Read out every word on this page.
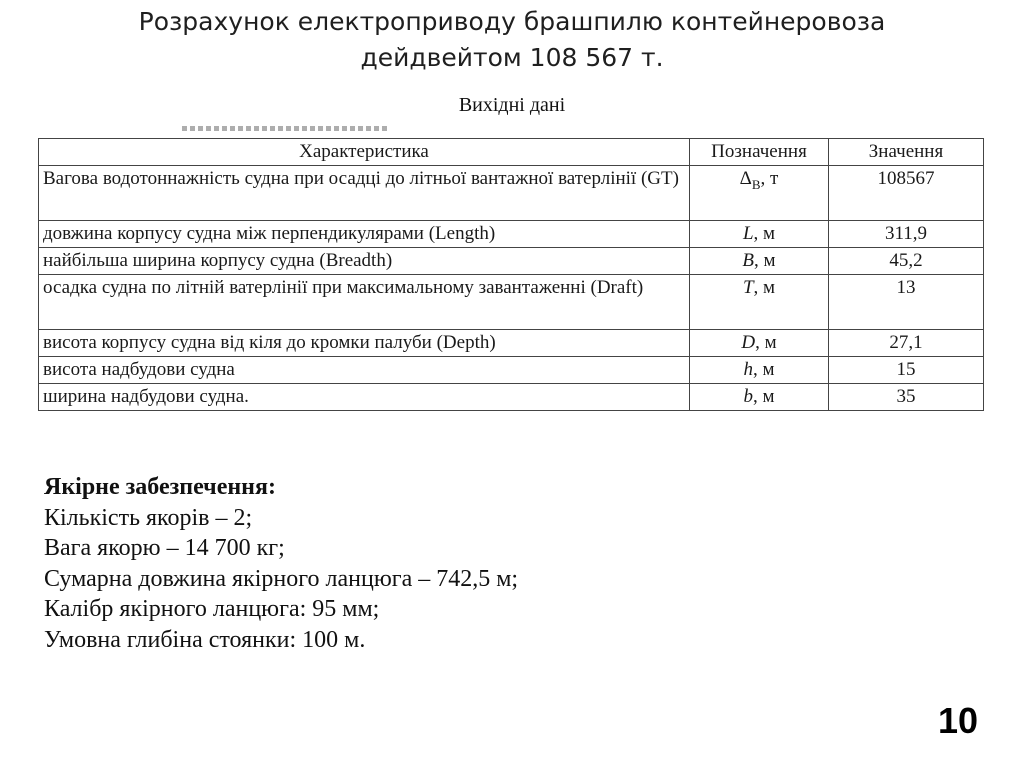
Розрахунок електроприводу брашпилю контейнеровоза
дейдвейтом 108 567 т.
Вихідні дані
Характеристика	Позначення	Значення
Вагова водотоннажність судна при осадці до літньої вантажної ватерлінії (GT)	$\Delta_B$, т	108567
довжина корпусу судна між перпендикулярами (Length)	L, м	311,9
найбільша ширина корпусу судна (Breadth)	B, м	45,2
осадка судна по літній ватерлінії при максимальному завантаженні (Draft)	T, м	13
висота корпусу судна від кіля до кромки палуби (Depth)	D, м	27,1
висота надбудови судна	h, м	15
ширина надбудови судна.	b, м	35
Якірне забезпечення:
Кількість якорів – 2;
Вага якорю – 14 700 кг;
Сумарна довжина якірного ланцюга – 742,5 м;
Калібр якірного ланцюга: 95 мм;
Умовна глибіна стоянки: 100 м.
10
